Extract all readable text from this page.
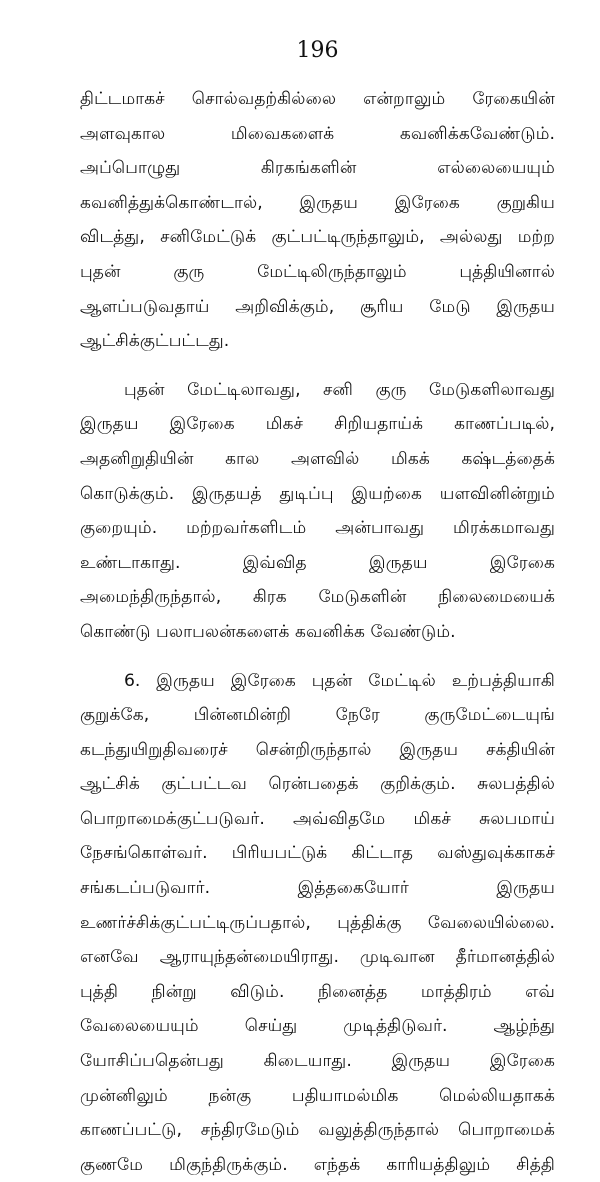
196
திட்டமாகச் சொல்வதற்கில்லை என்றாலும் ரேகையின்
அளவுகால மிவைகளைக் கவனிக்கவேண்டும்.
அப்பொழுது கிரகங்களின் எல்லையையும்
கவனித்துக்கொண்டால், இருதய இரேகை குறுகிய
விடத்து, சனிமேட்டுக் குட்பட்டிருந்தாலும், அல்லது மற்ற
புதன் குரு மேட்டிலிருந்தாலும் புத்தியினால்
ஆளப்படுவதாய் அறிவிக்கும், சூரிய மேடு இருதய
ஆட்சிக்குட்பட்டது.
புதன் மேட்டிலாவது, சனி குரு மேடுகளிலாவது
இருதய இரேகை மிகச் சிறியதாய்க் காணப்படில்,
அதனிறுதியின் கால அளவில் மிகக் கஷ்டத்தைக்
கொடுக்கும். இருதயத் துடிப்பு இயற்கை யளவினின்றும்
குறையும். மற்றவர்களிடம் அன்பாவது மிரக்கமாவது
உண்டாகாது. இவ்வித இருதய இரேகை
அமைந்திருந்தால், கிரக மேடுகளின் நிலைமையைக்
கொண்டு பலாபலன்களைக் கவனிக்க வேண்டும்.
6. இருதய இரேகை புதன் மேட்டில் உற்பத்தியாகி
குறுக்கே, பின்னமின்றி நேரே குருமேட்டையுங்
கடந்துயிறுதிவரைச் சென்றிருந்தால் இருதய சக்தியின்
ஆட்சிக் குட்பட்டவ ரென்பதைக் குறிக்கும். சுலபத்தில்
பொறாமைக்குட்படுவர். அவ்விதமே மிகச் சுலபமாய்
நேசங்கொள்வர். பிரியபட்டுக் கிட்டாத வஸ்துவுக்காகச்
சங்கடப்படுவார். இத்தகையோர் இருதய
உணர்ச்சிக்குட்பட்டிருப்பதால், புத்திக்கு வேலையில்லை.
எனவே ஆராயுந்தன்மையிராது. முடிவான தீர்மானத்தில்
புத்தி நின்று விடும். நினைத்த மாத்திரம் எவ்
வேலையையும் செய்து முடித்திடுவர். ஆழ்ந்து
யோசிப்பதென்பது கிடையாது. இருதய இரேகை
முன்னிலும் நன்கு பதியாமல்மிக மெல்லியதாகக்
காணப்பட்டு, சந்திரமேடும் வலுத்திருந்தால் பொறாமைக்
குணமே மிகுந்திருக்கும். எந்தக் காரியத்திலும் சித்தி
